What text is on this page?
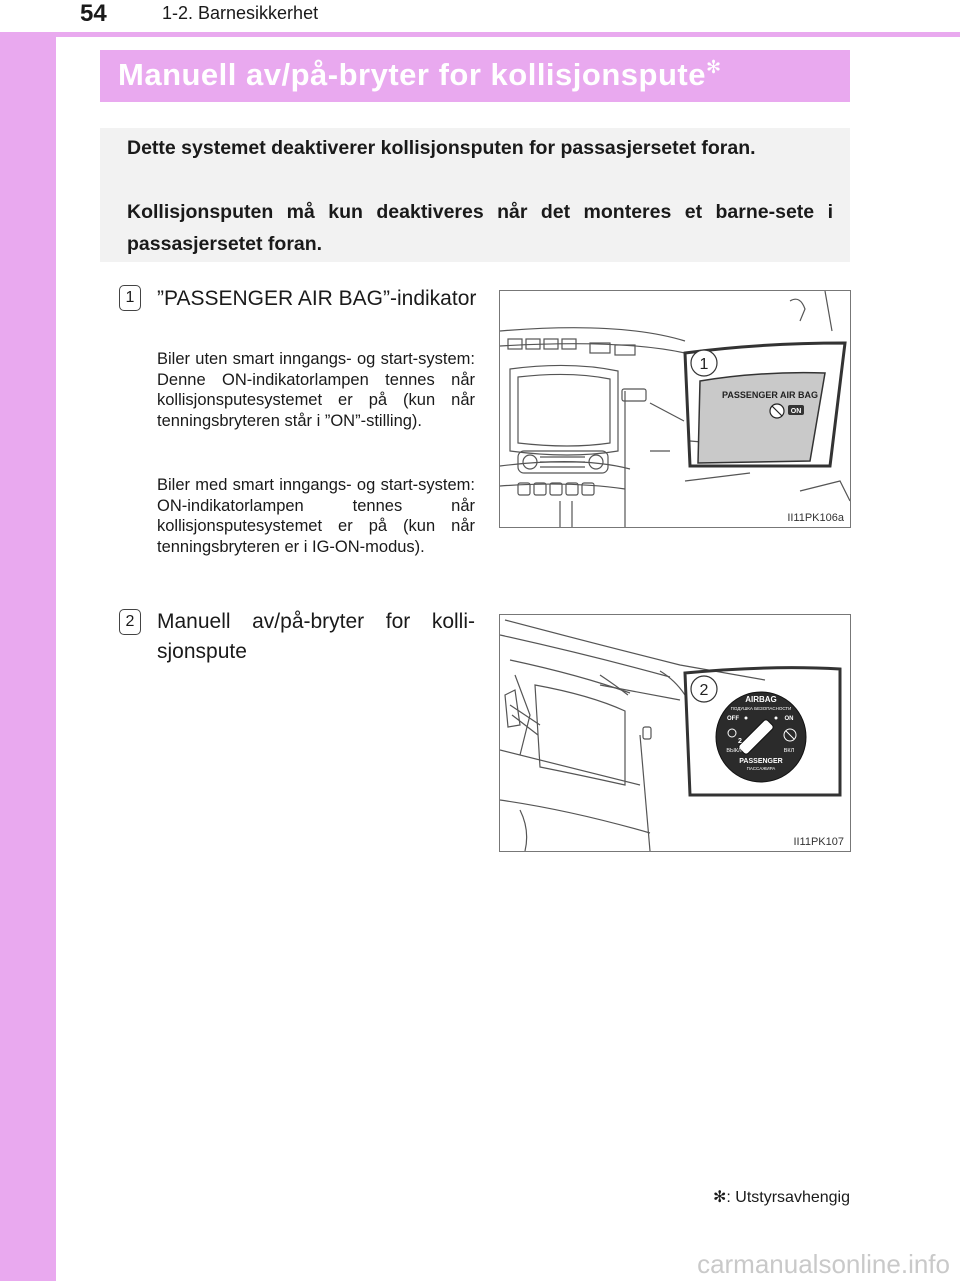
54	1-2. Barnesikkerhet
Manuell av/på-bryter for kollisjonspute✻

Dette systemet deaktiverer kollisjonsputen for passasjersetet foran.

Kollisjonsputen må kun deaktiveres når det monteres et barne-sete i passasjersetet foran.

1	”PASSENGER AIR BAG”-indikator

Biler uten smart inngangs- og start-system: Denne ON-indikatorlampen tennes når kollisjonsputesystemet er på (kun når tenningsbryteren står i ”ON”-stilling).

Biler med smart inngangs- og start-system: ON-indikatorlampen tennes når kollisjonsputesystemet er på (kun når tenningsbryteren er i IG-ON-modus).

2	Manuell av/på-bryter for kolli-sjonspute
PASSENGER AIR BAG
ON
1
II11PK106a
AIRBAG
ПОДУШКА БЕЗОПАСНОСТИ
OFF	ON
2
ВЫКЛ	ВКЛ
PASSENGER
ПАССАЖИРА
2
II11PK107
✻: Utstyrsavhengig
carmanualsonline.info
